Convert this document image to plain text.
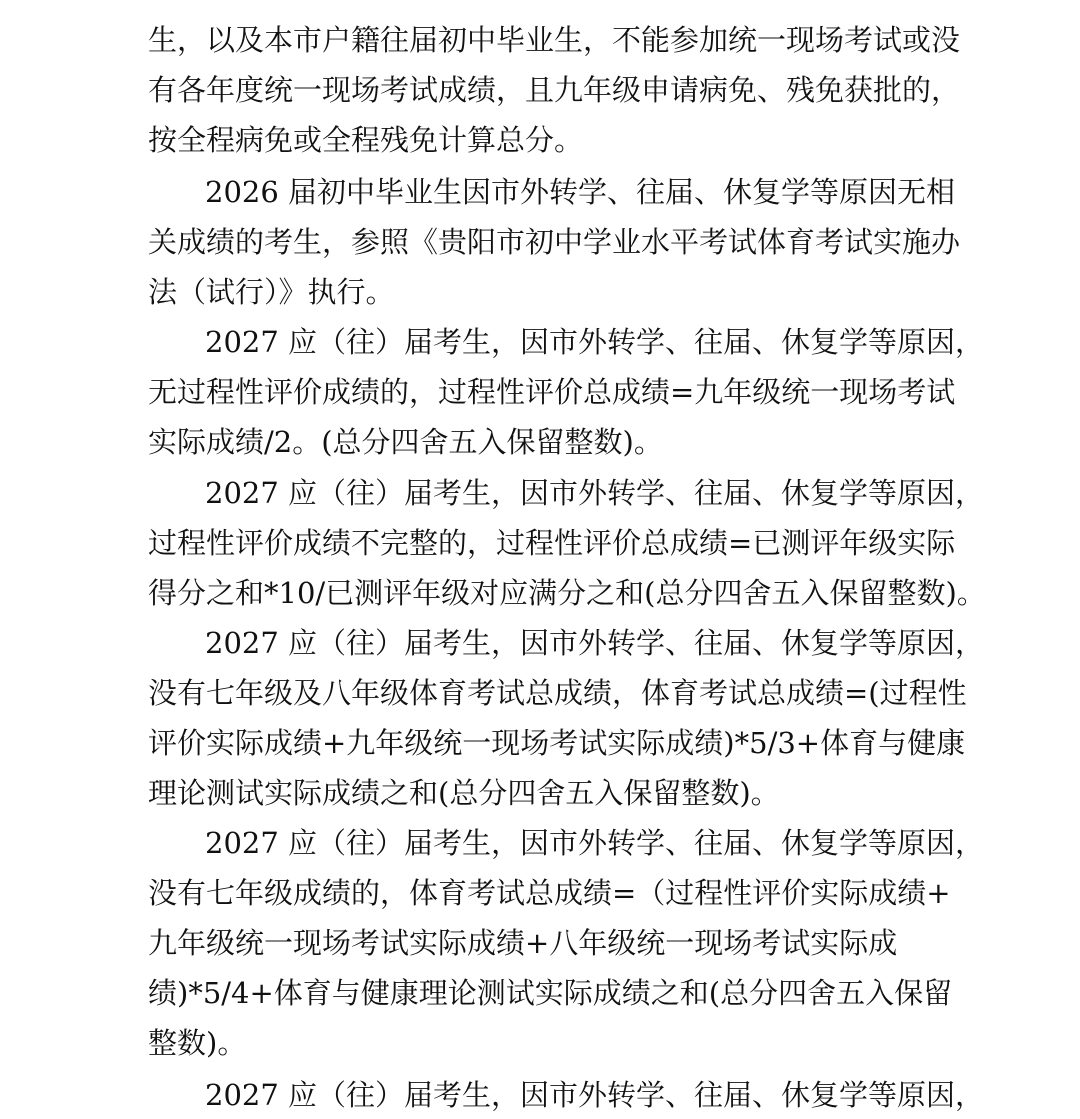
生，以及本市户籍往届初中毕业生，不能参加统一现场考试或没
有各年度统一现场考试成绩，且九年级申请病免、残免获批的，
按全程病免或全程残免计算总分。
2026 届初中毕业生因市外转学、往届、休复学等原因无相
关成绩的考生，参照《贵阳市初中学业水平考试体育考试实施办
法（试行）》执行。
2027 应（往）届考生，因市外转学、往届、休复学等原因，
无过程性评价成绩的，过程性评价总成绩=九年级统一现场考试
实际成绩/2。(总分四舍五入保留整数)。
2027 应（往）届考生，因市外转学、往届、休复学等原因，
过程性评价成绩不完整的，过程性评价总成绩=已测评年级实际
得分之和*10/已测评年级对应满分之和(总分四舍五入保留整数)。
2027 应（往）届考生，因市外转学、往届、休复学等原因，
没有七年级及八年级体育考试总成绩，体育考试总成绩=(过程性
评价实际成绩+九年级统一现场考试实际成绩)*5/3+体育与健康
理论测试实际成绩之和(总分四舍五入保留整数)。
2027 应（往）届考生，因市外转学、往届、休复学等原因，
没有七年级成绩的，体育考试总成绩=（过程性评价实际成绩+
九年级统一现场考试实际成绩+八年级统一现场考试实际成
绩)*5/4+体育与健康理论测试实际成绩之和(总分四舍五入保留
整数)。
2027 应（往）届考生，因市外转学、往届、休复学等原因，
